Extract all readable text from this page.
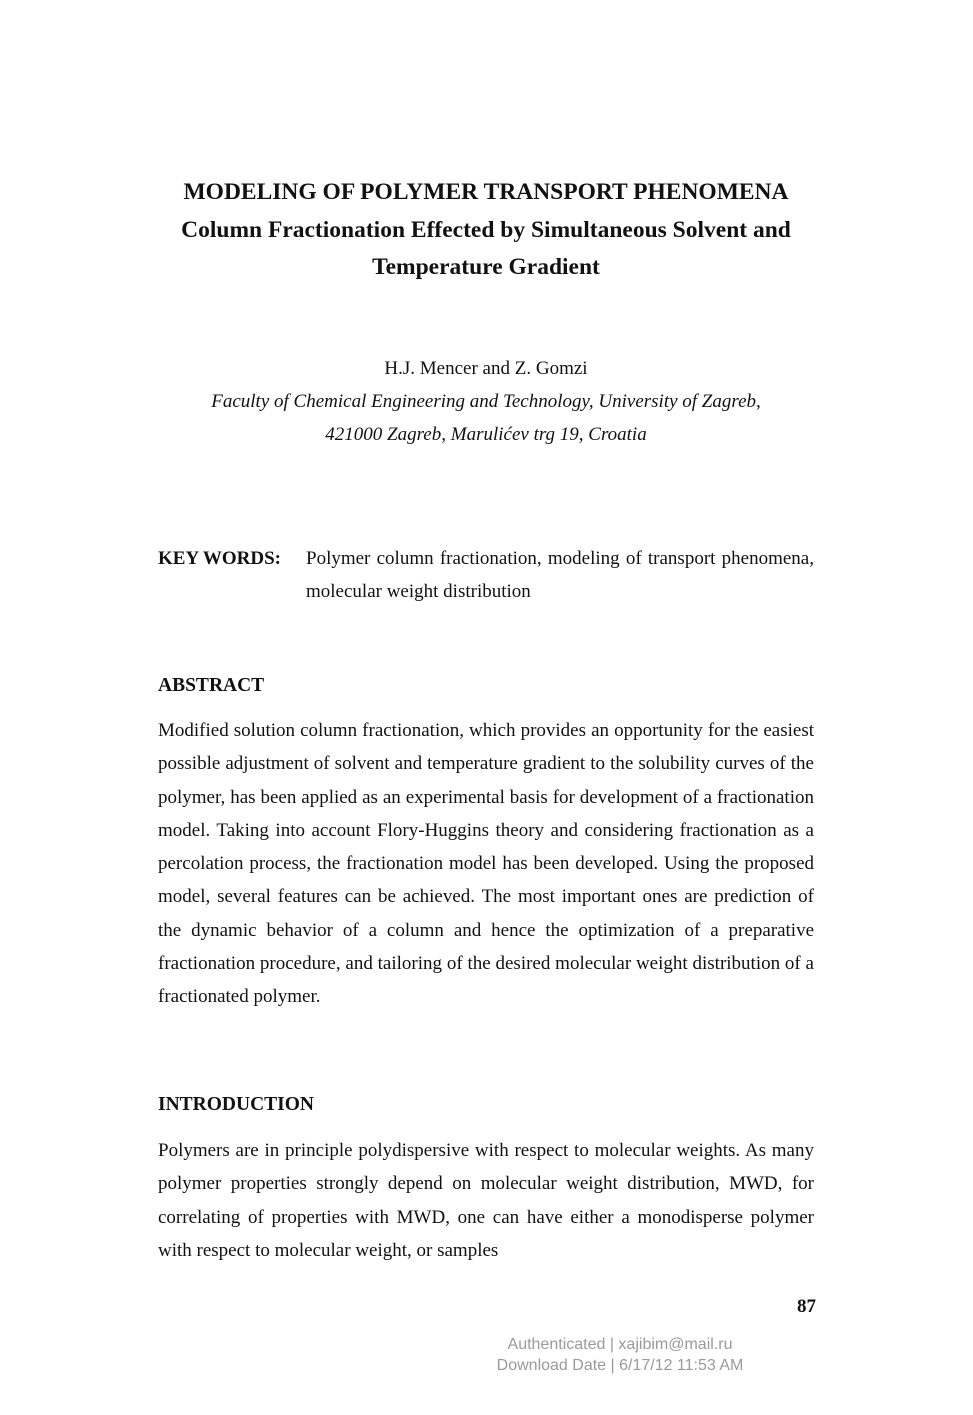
MODELING OF POLYMER TRANSPORT PHENOMENA
Column Fractionation Effected by Simultaneous Solvent and
Temperature Gradient
H.J. Mencer and Z. Gomzi
Faculty of Chemical Engineering and Technology, University of Zagreb,
421000 Zagreb, Marulićev trg 19, Croatia
KEY WORDS:	Polymer column fractionation, modeling of transport phenomena, molecular weight distribution
ABSTRACT
Modified solution column fractionation, which provides an opportunity for the easiest possible adjustment of solvent and temperature gradient to the solubility curves of the polymer, has been applied as an experimental basis for development of a fractionation model. Taking into account Flory-Huggins theory and considering fractionation as a percolation process, the fractionation model has been developed. Using the proposed model, several features can be achieved. The most important ones are prediction of the dynamic behavior of a column and hence the optimization of a preparative fractionation procedure, and tailoring of the desired molecular weight distribution of a fractionated polymer.
INTRODUCTION
Polymers are in principle polydispersive with respect to molecular weights. As many polymer properties strongly depend on molecular weight distribution, MWD, for correlating of properties with MWD, one can have either a monodisperse polymer with respect to molecular weight, or samples
87
Authenticated | xajibim@mail.ru
Download Date | 6/17/12 11:53 AM
